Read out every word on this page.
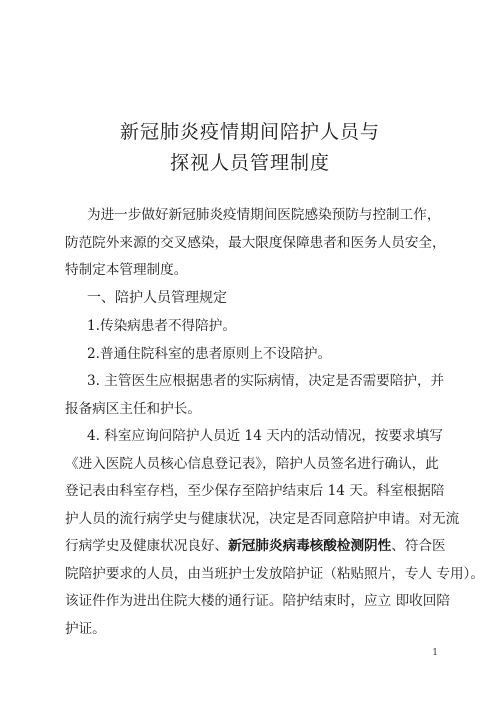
新冠肺炎疫情期间陪护人员与
探视人员管理制度
为进一步做好新冠肺炎疫情期间医院感染预防与控制工作，
防范院外来源的交叉感染，最大限度保障患者和医务人员安全，
特制定本管理制度。
一、陪护人员管理规定
1.传染病患者不得陪护。
2.普通住院科室的患者原则上不设陪护。
3. 主管医生应根据患者的实际病情，决定是否需要陪护，并
报备病区主任和护长。
4. 科室应询问陪护人员近 14 天内的活动情况，按要求填写
《进入医院人员核心信息登记表》，陪护人员签名进行确认，此
登记表由科室存档，至少保存至陪护结束后 14 天。科室根据陪
护人员的流行病学史与健康状况，决定是否同意陪护申请。对无流
行病学史及健康状况良好、新冠肺炎病毒核酸检测阴性、符合医
院陪护要求的人员，由当班护士发放陪护证（粘贴照片，专人 专用）。
该证件作为进出住院大楼的通行证。陪护结束时，应立 即收回陪
护证。
1
